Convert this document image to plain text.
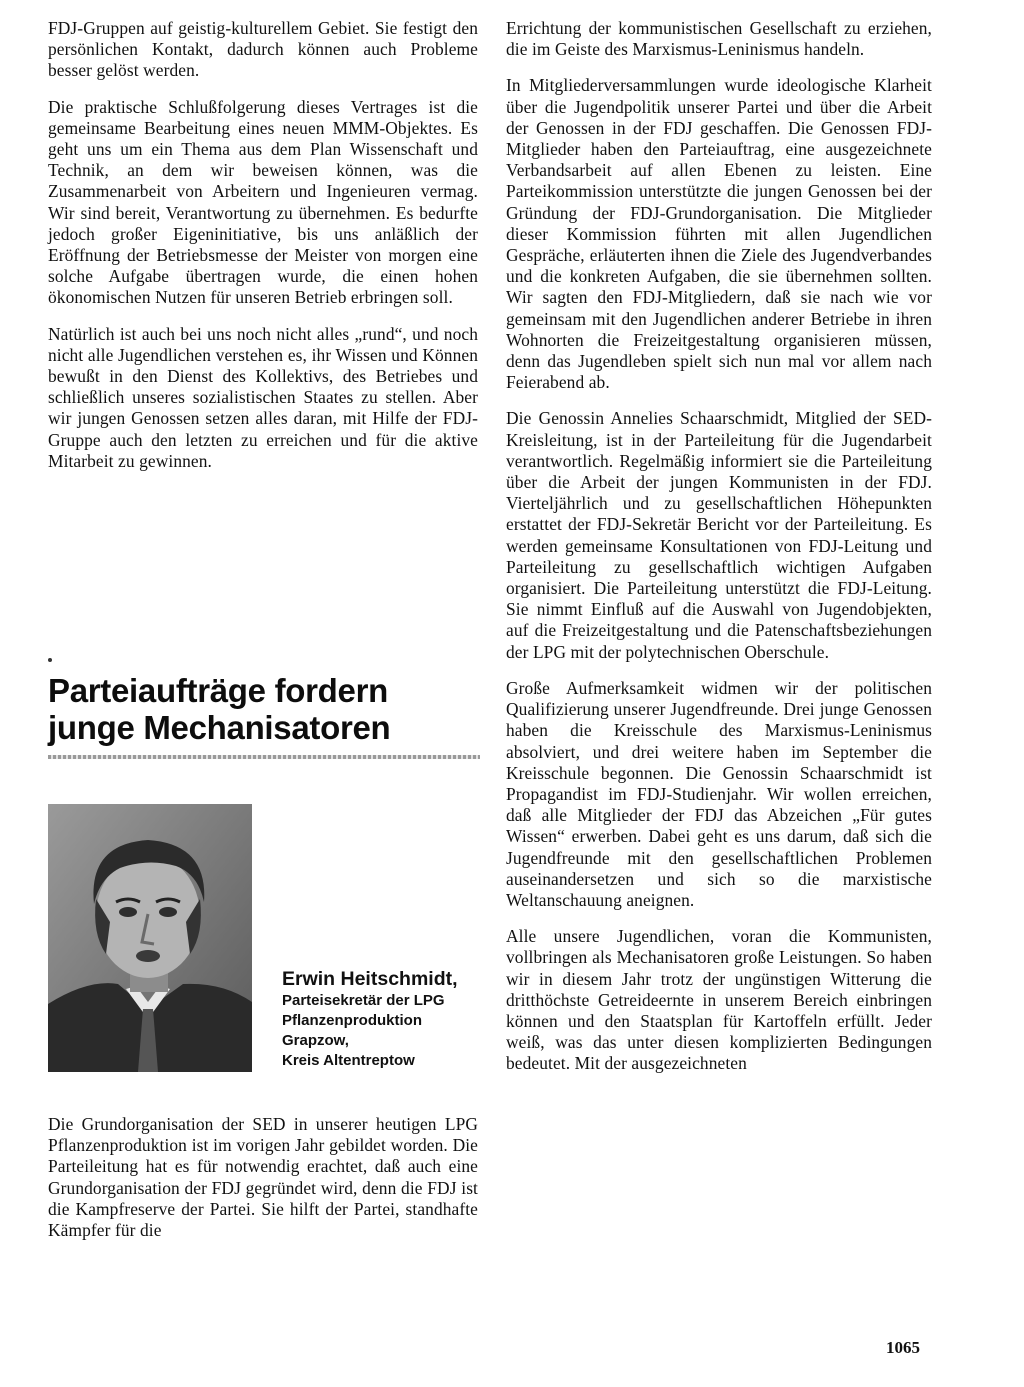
FDJ-Gruppen auf geistig-kulturellem Gebiet. Sie festigt den persönlichen Kontakt, dadurch können auch Probleme besser gelöst werden.

Die praktische Schlußfolgerung dieses Vertrages ist die gemeinsame Bearbeitung eines neuen MMM-Objektes. Es geht uns um ein Thema aus dem Plan Wissenschaft und Technik, an dem wir beweisen können, was die Zusammenarbeit von Arbeitern und Ingenieuren vermag. Wir sind bereit, Verantwortung zu übernehmen. Es bedurfte jedoch großer Eigeninitiative, bis uns anläßlich der Eröffnung der Betriebsmesse der Meister von morgen eine solche Aufgabe übertragen wurde, die einen hohen ökonomischen Nutzen für unseren Betrieb erbringen soll.

Natürlich ist auch bei uns noch nicht alles „rund“, und noch nicht alle Jugendlichen verstehen es, ihr Wissen und Können bewußt in den Dienst des Kollektivs, des Betriebes und schließlich unseres sozialistischen Staates zu stellen. Aber wir jungen Genossen setzen alles daran, mit Hilfe der FDJ-Gruppe auch den letzten zu erreichen und für die aktive Mitarbeit zu gewinnen.

Parteiaufträge fordern
junge Mechanisatoren

Erwin Heitschmidt,

Parteisekretär der LPG
Pflanzenproduktion
Grapzow,
Kreis Altentreptow

Die Grundorganisation der SED in unserer heutigen LPG Pflanzenproduktion ist im vorigen Jahr gebildet worden. Die Parteileitung hat es für notwendig erachtet, daß auch eine Grundorganisation der FDJ gegründet wird, denn die FDJ ist die Kampfreserve der Partei. Sie hilft der Partei, standhafte Kämpfer für die

Errichtung der kommunistischen Gesellschaft zu erziehen, die im Geiste des Marxismus-Leninismus handeln.

In Mitgliederversammlungen wurde ideologische Klarheit über die Jugendpolitik unserer Partei und über die Arbeit der Genossen in der FDJ geschaffen. Die Genossen FDJ-Mitglieder haben den Parteiauftrag, eine ausgezeichnete Verbandsarbeit auf allen Ebenen zu leisten. Eine Parteikommission unterstützte die jungen Genossen bei der Gründung der FDJ-Grundorganisation. Die Mitglieder dieser Kommission führten mit allen Jugendlichen Gespräche, erläuterten ihnen die Ziele des Jugendverbandes und die konkreten Aufgaben, die sie übernehmen sollten. Wir sagten den FDJ-Mitgliedern, daß sie nach wie vor gemeinsam mit den Jugendlichen anderer Betriebe in ihren Wohnorten die Freizeitgestaltung organisieren müssen, denn das Jugendleben spielt sich nun mal vor allem nach Feierabend ab.

Die Genossin Annelies Schaarschmidt, Mitglied der SED-Kreisleitung, ist in der Parteileitung für die Jugendarbeit verantwortlich. Regelmäßig informiert sie die Parteileitung über die Arbeit der jungen Kommunisten in der FDJ. Vierteljährlich und zu gesellschaftlichen Höhepunkten erstattet der FDJ-Sekretär Bericht vor der Parteileitung. Es werden gemeinsame Konsultationen von FDJ-Leitung und Parteileitung zu gesellschaftlich wichtigen Aufgaben organisiert. Die Parteileitung unterstützt die FDJ-Leitung. Sie nimmt Einfluß auf die Auswahl von Jugendobjekten, auf die Freizeitgestaltung und die Patenschaftsbeziehungen der LPG mit der polytechnischen Oberschule.

Große Aufmerksamkeit widmen wir der politischen Qualifizierung unserer Jugendfreunde. Drei junge Genossen haben die Kreisschule des Marxismus-Leninismus absolviert, und drei weitere haben im September die Kreisschule begonnen. Die Genossin Schaarschmidt ist Propagandist im FDJ-Studienjahr. Wir wollen erreichen, daß alle Mitglieder der FDJ das Abzeichen „Für gutes Wissen“ erwerben. Dabei geht es uns darum, daß sich die Jugendfreunde mit den gesellschaftlichen Problemen auseinandersetzen und sich so die marxistische Weltanschauung aneignen.

Alle unsere Jugendlichen, voran die Kommunisten, vollbringen als Mechanisatoren große Leistungen. So haben wir in diesem Jahr trotz der ungünstigen Witterung die dritthöchste Getreideernte in unserem Bereich einbringen können und den Staatsplan für Kartoffeln erfüllt. Jeder weiß, was das unter diesen komplizierten Bedingungen bedeutet. Mit der ausgezeichneten

1065
